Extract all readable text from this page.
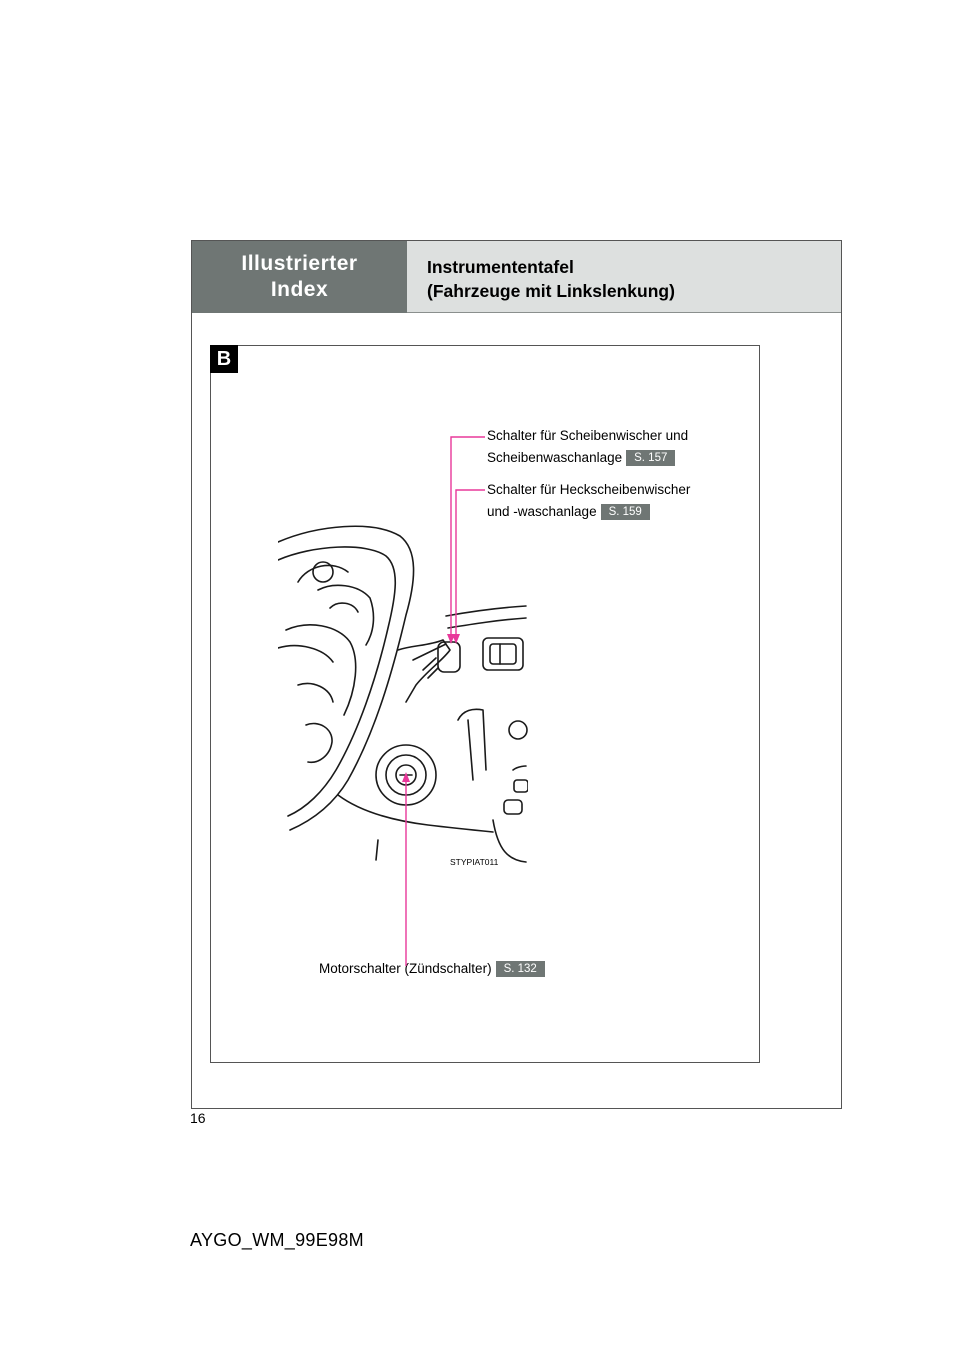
Illustrierter
Index
Instrumententafel
(Fahrzeuge mit Linkslenkung)
B
Schalter für Scheibenwischer und
Scheibenwaschanlage S. 157
Schalter für Heckscheibenwischer
und -waschanlage S. 159
Motorschalter (Zündschalter) S. 132
STYPIAT011
16
AYGO_WM_99E98M
